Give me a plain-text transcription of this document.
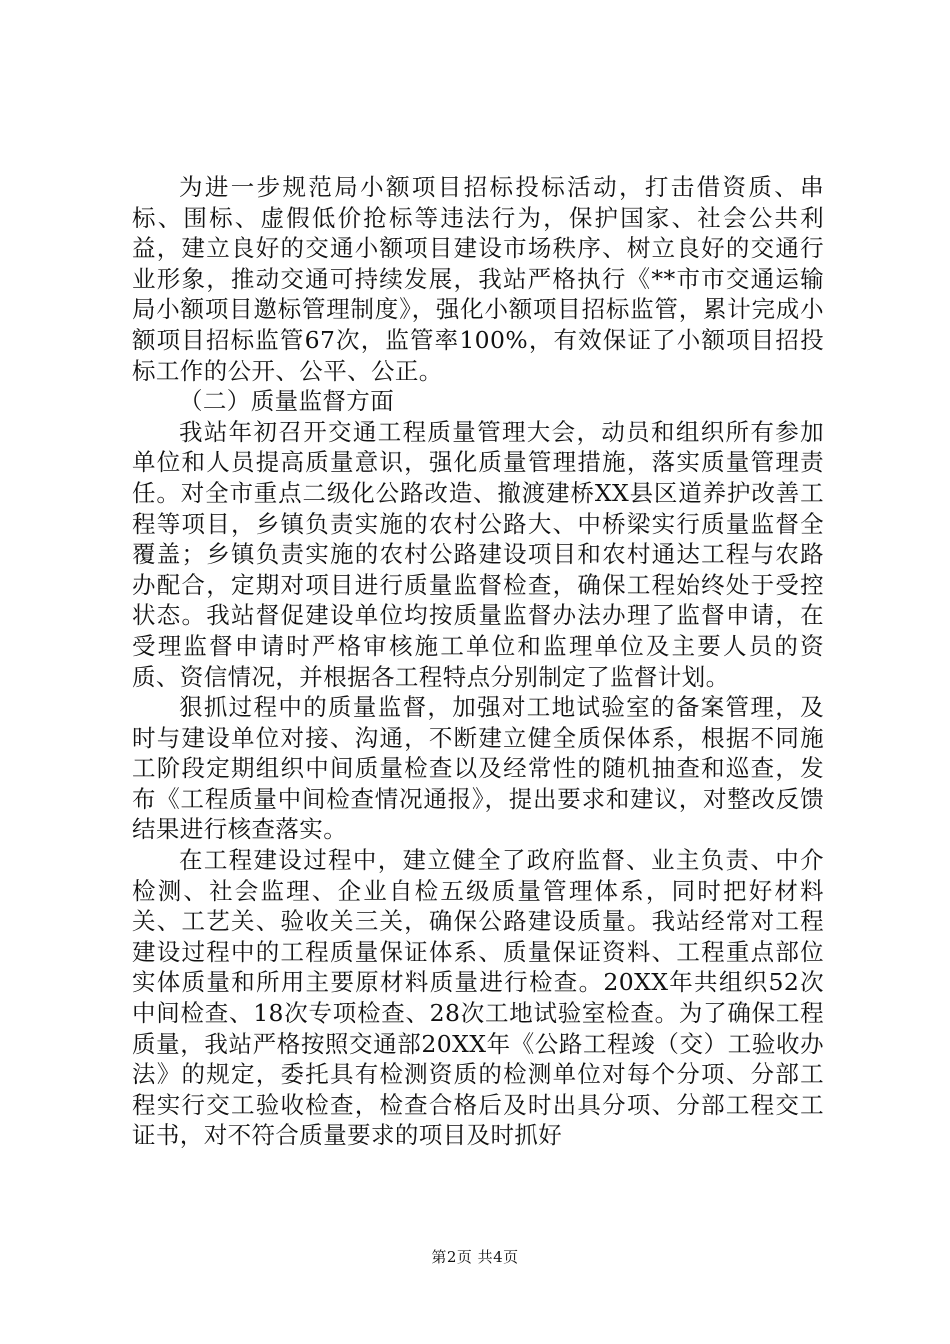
为进一步规范局小额项目招标投标活动，打击借资质、串标、围标、虚假低价抢标等违法行为，保护国家、社会公共利益，建立良好的交通小额项目建设市场秩序、树立良好的交通行业形象，推动交通可持续发展，我站严格执行《**市市交通运输局小额项目邀标管理制度》，强化小额项目招标监管，累计完成小额项目招标监管67次，监管率100%，有效保证了小额项目招投标工作的公开、公平、公正。

（二）质量监督方面

我站年初召开交通工程质量管理大会，动员和组织所有参加单位和人员提高质量意识，强化质量管理措施，落实质量管理责任。对全市重点二级化公路改造、撤渡建桥XX县区道养护改善工程等项目，乡镇负责实施的农村公路大、中桥梁实行质量监督全覆盖；乡镇负责实施的农村公路建设项目和农村通达工程与农路办配合，定期对项目进行质量监督检查，确保工程始终处于受控状态。我站督促建设单位均按质量监督办法办理了监督申请，在受理监督申请时严格审核施工单位和监理单位及主要人员的资质、资信情况，并根据各工程特点分别制定了监督计划。

狠抓过程中的质量监督，加强对工地试验室的备案管理，及时与建设单位对接、沟通，不断建立健全质保体系，根据不同施工阶段定期组织中间质量检查以及经常性的随机抽查和巡查，发布《工程质量中间检查情况通报》，提出要求和建议，对整改反馈结果进行核查落实。

在工程建设过程中，建立健全了政府监督、业主负责、中介检测、社会监理、企业自检五级质量管理体系，同时把好材料关、工艺关、验收关三关，确保公路建设质量。我站经常对工程建设过程中的工程质量保证体系、质量保证资料、工程重点部位实体质量和所用主要原材料质量进行检查。20XX年共组织52次中间检查、18次专项检查、28次工地试验室检查。为了确保工程质量，我站严格按照交通部20XX年《公路工程竣（交）工验收办法》的规定，委托具有检测资质的检测单位对每个分项、分部工程实行交工验收检查，检查合格后及时出具分项、分部工程交工证书，对不符合质量要求的项目及时抓好

第2页 共4页
